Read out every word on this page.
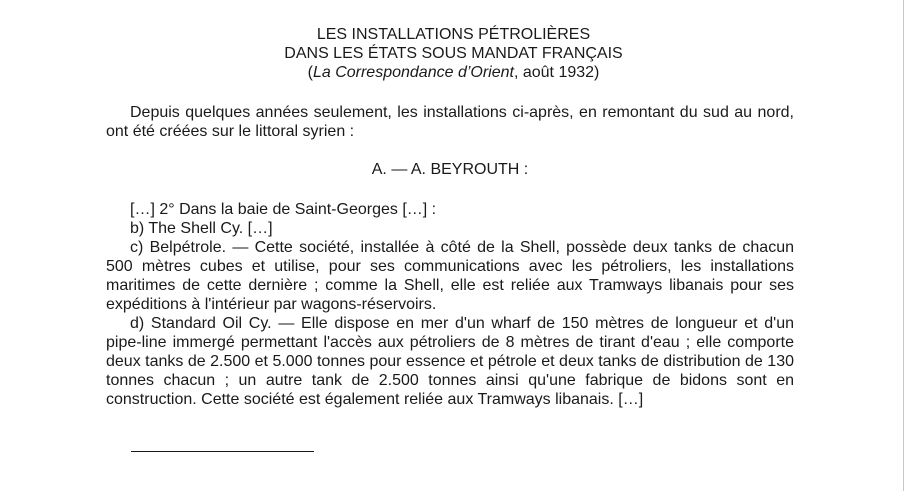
LES INSTALLATIONS PÉTROLIÈRES
DANS LES ÉTATS SOUS MANDAT FRANÇAIS
(La Correspondance d’Orient, août 1932)

Depuis quelques années seulement, les installations ci-après, en remontant du sud au nord, ont été créées sur le littoral syrien :

A. — A. BEYROUTH :

[…] 2° Dans la baie de Saint-Georges […] :

b) The Shell Cy. […]

c) Belpétrole. — Cette société, installée à côté de la Shell, possède deux tanks de chacun 500 mètres cubes et utilise, pour ses communications avec les pétroliers, les installations maritimes de cette dernière ; comme la Shell, elle est reliée aux Tramways libanais pour ses expéditions à l'intérieur par wagons-réservoirs.

d) Standard Oil Cy. — Elle dispose en mer d'un wharf de 150 mètres de longueur et d'un pipe-line immergé permettant l'accès aux pétroliers de 8 mètres de tirant d'eau ; elle comporte deux tanks de 2.500 et 5.000 tonnes pour essence et pétrole et deux tanks de distribution de 130 tonnes chacun ; un autre tank de 2.500 tonnes ainsi qu'une fabrique de bidons sont en construction. Cette société est également reliée aux Tramways libanais. […]
